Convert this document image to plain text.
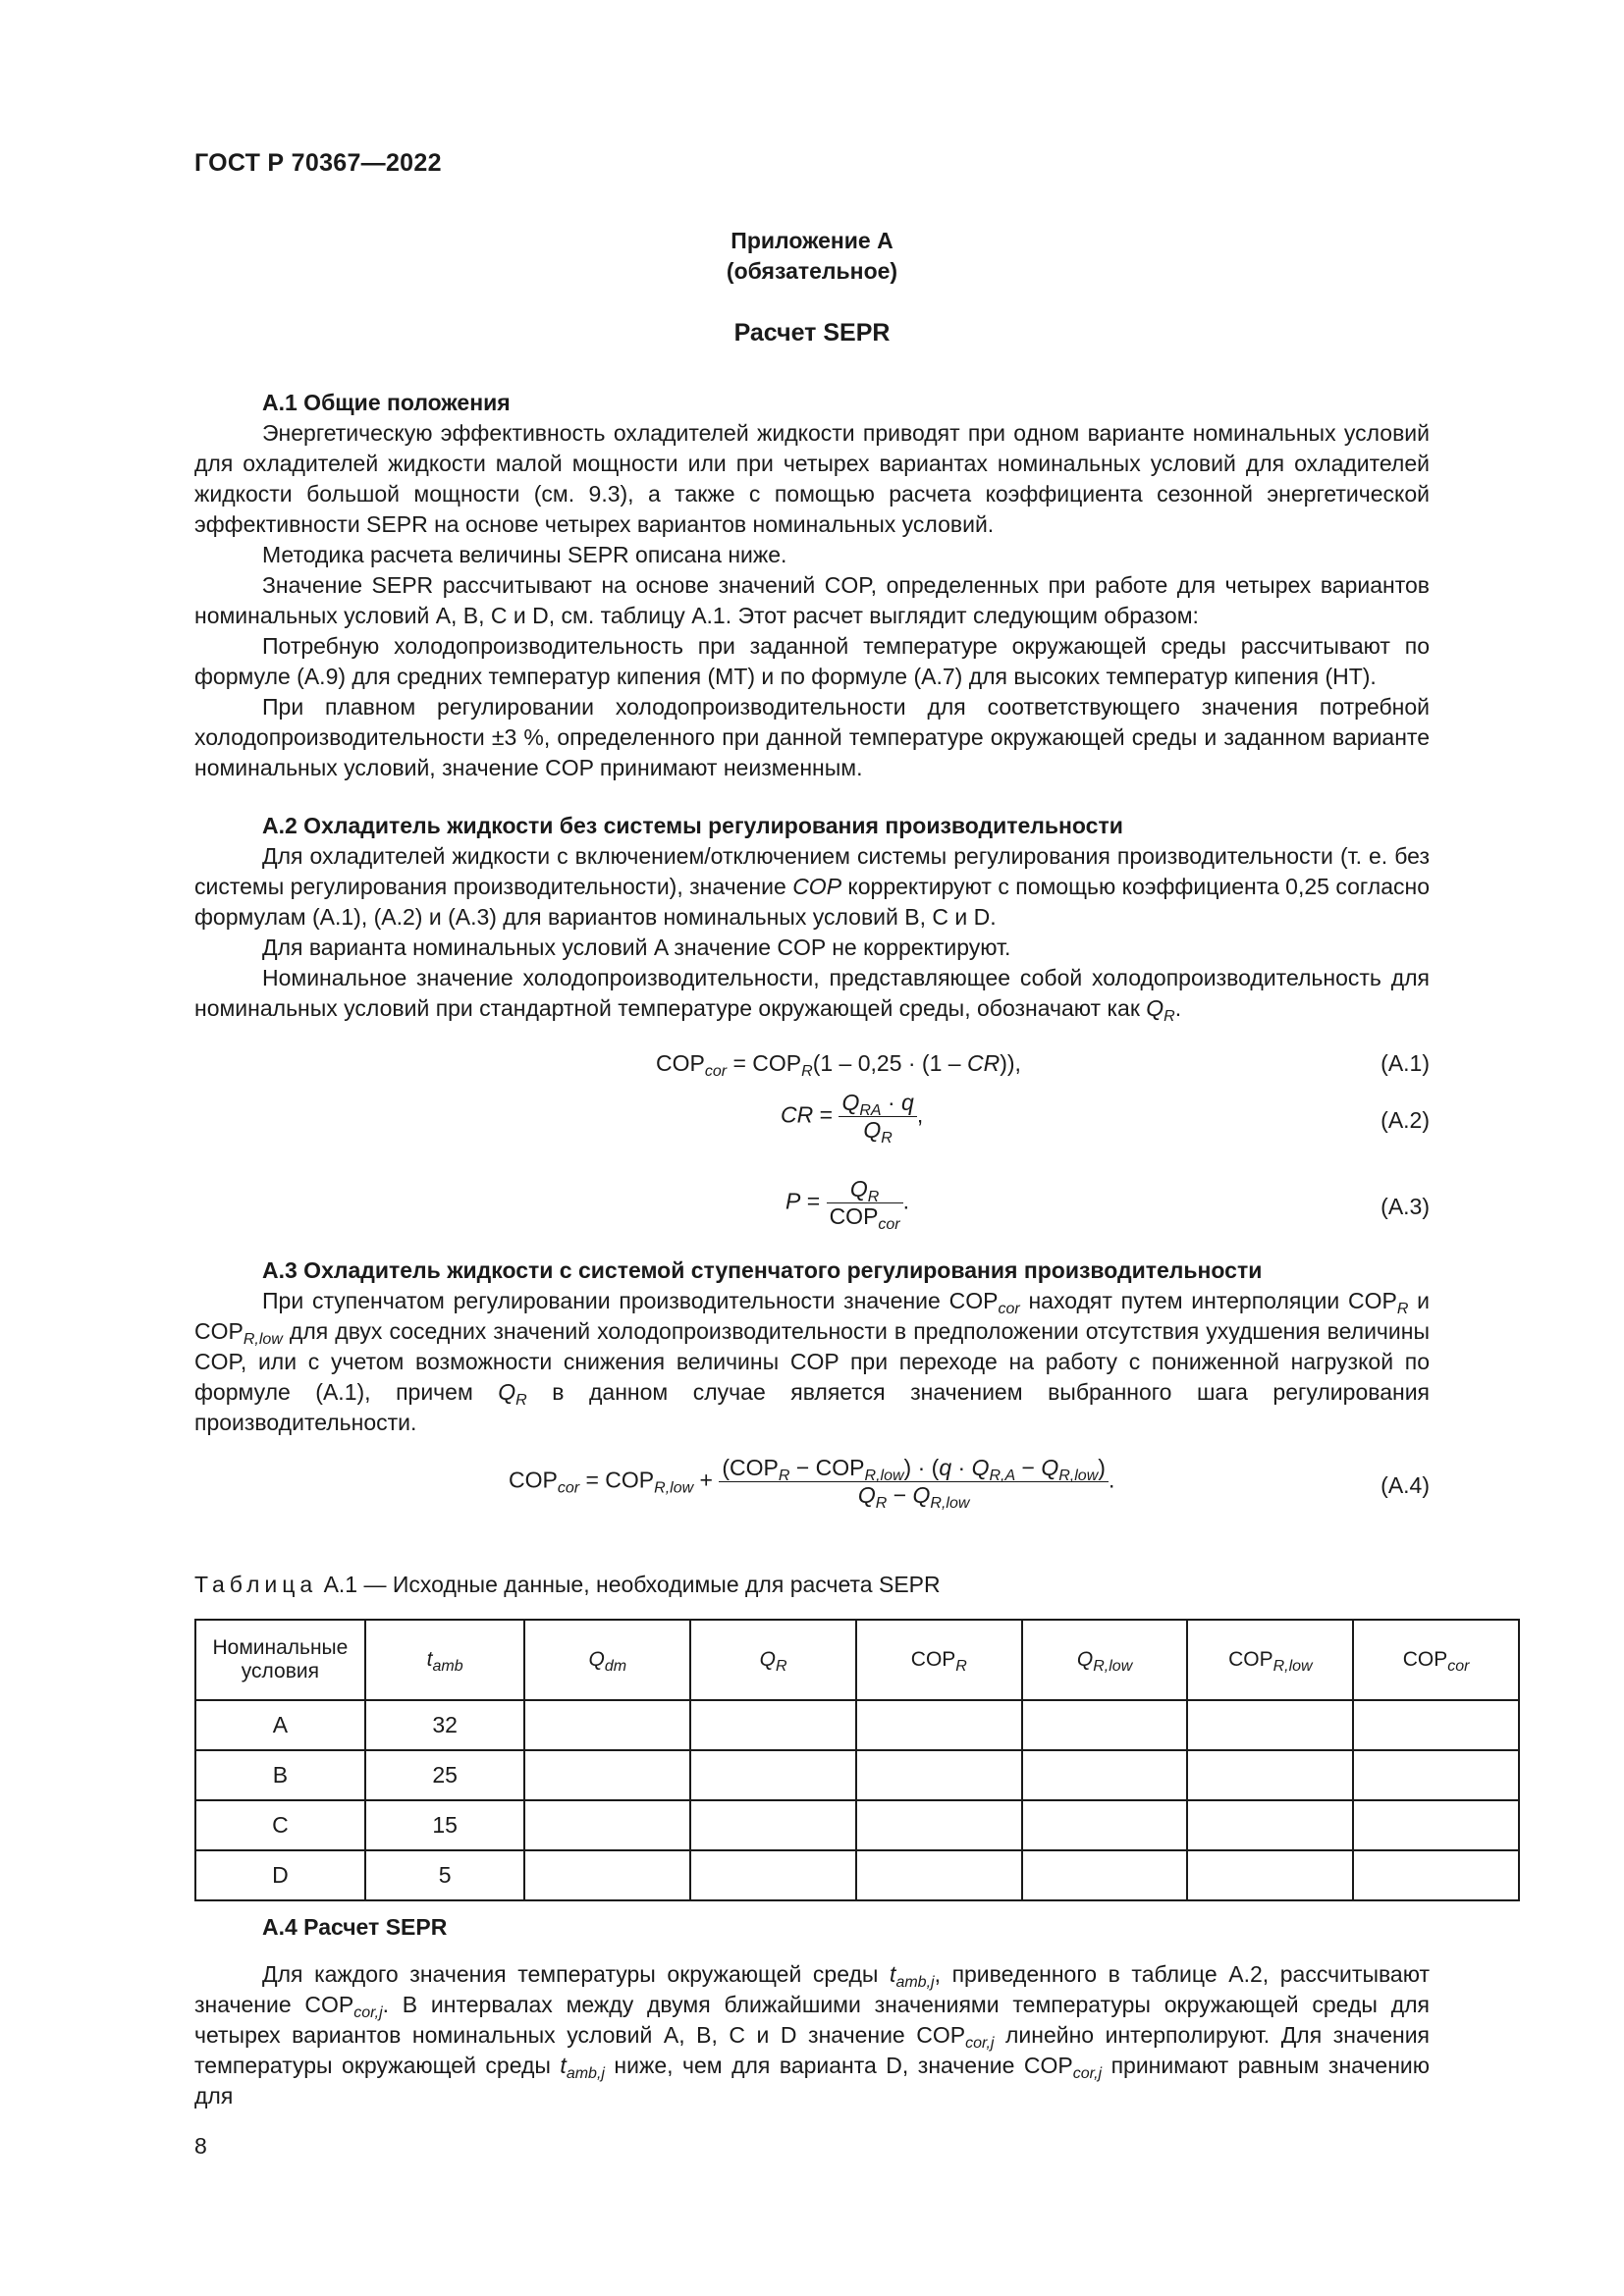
ГОСТ Р 70367—2022
Приложение А
(обязательное)
Расчет SEPR
А.1 Общие положения

Энергетическую эффективность охладителей жидкости приводят при одном варианте номинальных условий для охладителей жидкости малой мощности или при четырех вариантах номинальных условий для охладителей жидкости большой мощности (см. 9.3), а также с помощью расчета коэффициента сезонной энергетической эффективности SEPR на основе четырех вариантов номинальных условий.

Методика расчета величины SEPR описана ниже.

Значение SEPR рассчитывают на основе значений COP, определенных при работе для четырех вариантов номинальных условий A, B, C и D, см. таблицу А.1. Этот расчет выглядит следующим образом:

Потребную холодопроизводительность при заданной температуре окружающей среды рассчитывают по формуле (А.9) для средних температур кипения (МТ) и по формуле (А.7) для высоких температур кипения (НТ).

При плавном регулировании холодопроизводительности для соответствующего значения потребной холодопроизводительности ±3 %, определенного при данной температуре окружающей среды и заданном варианте номинальных условий, значение COP принимают неизменным.

А.2 Охладитель жидкости без системы регулирования производительности

Для охладителей жидкости с включением/отключением системы регулирования производительности (т. е. без системы регулирования производительности), значение COP корректируют с помощью коэффициента 0,25 согласно формулам (А.1), (А.2) и (А.3) для вариантов номинальных условий B, C и D.

Для варианта номинальных условий A значение COP не корректируют.

Номинальное значение холодопроизводительности, представляющее собой холодопроизводительность для номинальных условий при стандартной температуре окружающей среды, обозначают как $Q_R$.

$COP_{cor} = COP_R(1 - 0,25 \cdot (1 - CR))$,	(А.1)
CR = $\frac{Q_{RA} \cdot q}{Q_R}$ ,	(А.2)
$P = \frac{Q_R}{COP_{cor}}$ .	(А.3)
А.3 Охладитель жидкости с системой ступенчатого регулирования производительности

При ступенчатом регулировании производительности значение $COP_{cor}$ находят путем интерполяции $COP_R$ и $COP_{R,low}$ для двух соседних значений холодопроизводительности в предположении отсутствия ухудшения величины COP, или с учетом возможности снижения величины COP при переходе на работу с пониженной нагрузкой по формуле (А.1), причем $Q_R$ в данном случае является значением выбранного шага регулирования производительности.

$COP_{cor} = COP_{R,low} + \frac{(COP_R - COP_{R,low}) \cdot (q \cdot Q_{R,A} - Q_{R,low})}{Q_R - Q_{R,low}}$ .	(А.4)
Таблица А.1 — Исходные данные, необходимые для расчета SEPR
Номинальные условия	$t_{amb}$	$Q_{dm}$	$Q_R$	$COP_R$	$Q_{R,low}$	$COP_{R,low}$	$COP_{cor}$
A	32						
B	25						
C	15						
D	5						
А.4 Расчет SEPR

Для каждого значения температуры окружающей среды $t_{amb,j}$, приведенного в таблице А.2, рассчитывают значение $COP_{cor,j}$. В интервалах между двумя ближайшими значениями температуры окружающей среды для четырех вариантов номинальных условий A, B, C и D значение $COP_{cor,j}$ линейно интерполируют. Для значения температуры окружающей среды $t_{amb,j}$ ниже, чем для варианта D, значение $COP_{cor,j}$ принимают равным значению для

8
